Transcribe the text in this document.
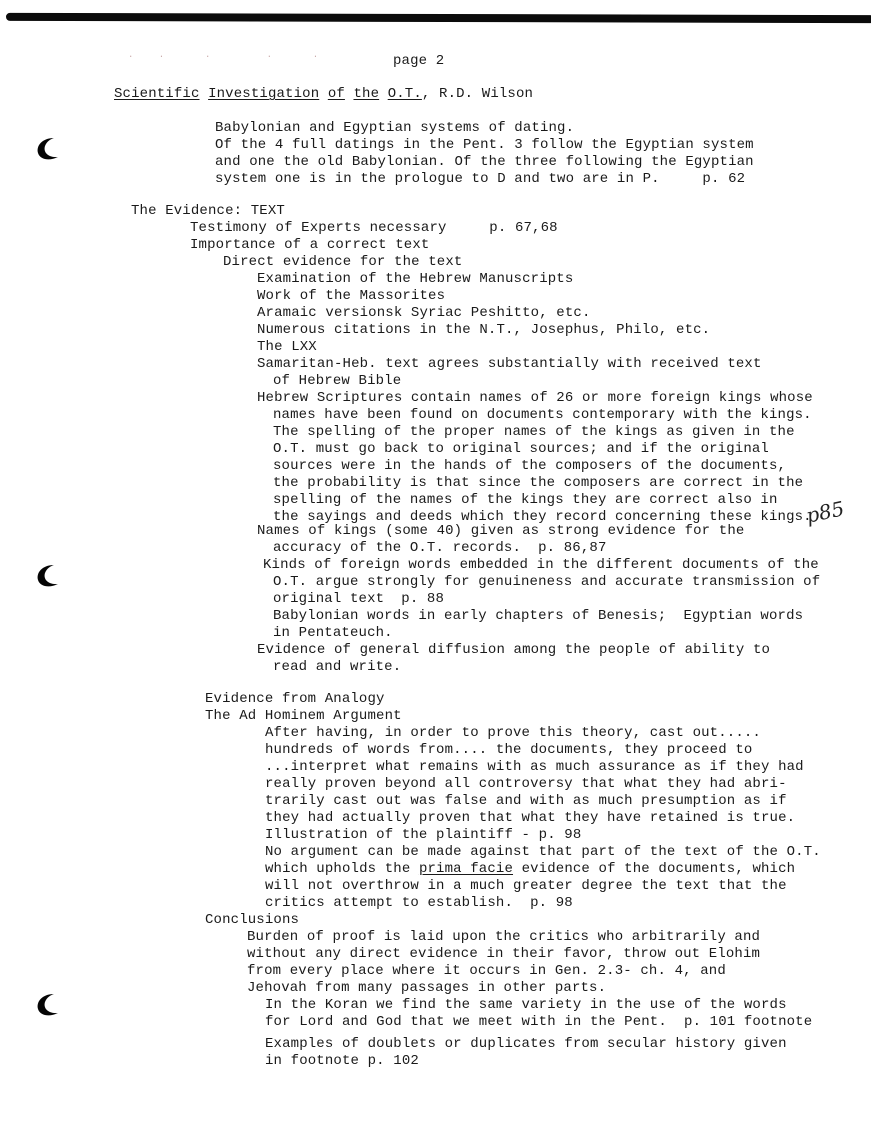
· ·  ·   ·  ·	page 2
Scientific Investigation of the O.T., R.D. Wilson
Babylonian and Egyptian systems of dating.
Of the 4 full datings in the Pent. 3 follow the Egyptian system
and one the old Babylonian. Of the three following the Egyptian
system one is in the prologue to D and two are in P.     p. 62
The Evidence: TEXT
Testimony of Experts necessary     p. 67,68
Importance of a correct text
Direct evidence for the text
Examination of the Hebrew Manuscripts
Work of the Massorites
Aramaic versionsk Syriac Peshitto, etc.
Numerous citations in the N.T., Josephus, Philo, etc.
The LXX
Samaritan-Heb. text agrees substantially with received text
of Hebrew Bible
Hebrew Scriptures contain names of 26 or more foreign kings whose
names have been found on documents contemporary with the kings.
The spelling of the proper names of the kings as given in the
O.T. must go back to original sources; and if the original
sources were in the hands of the composers of the documents,
the probability is that since the composers are correct in the
spelling of the names of the kings they are correct also in
the sayings and deeds which they record concerning these kings.
p85
Names of kings (some 40) given as strong evidence for the
accuracy of the O.T. records.  p. 86,87
Kinds of foreign words embedded in the different documents of the
O.T. argue strongly for genuineness and accurate transmission of
original text  p. 88
Babylonian words in early chapters of Benesis;  Egyptian words
in Pentateuch.
Evidence of general diffusion among the people of ability to
read and write.
Evidence from Analogy
The Ad Hominem Argument
After having, in order to prove this theory, cast out.....
hundreds of words from.... the documents, they proceed to
...interpret what remains with as much assurance as if they had
really proven beyond all controversy that what they had abri-
trarily cast out was false and with as much presumption as if
they had actually proven that what they have retained is true.
Illustration of the plaintiff - p. 98
No argument can be made against that part of the text of the O.T.
which upholds the prima facie evidence of the documents, which
will not overthrow in a much greater degree the text that the
critics attempt to establish.  p. 98
Conclusions
Burden of proof is laid upon the critics who arbitrarily and
without any direct evidence in their favor, throw out Elohim
from every place where it occurs in Gen. 2.3- ch. 4, and
Jehovah from many passages in other parts.
In the Koran we find the same variety in the use of the words
for Lord and God that we meet with in the Pent.  p. 101 footnote
Examples of doublets or duplicates from secular history given
in footnote p. 102
